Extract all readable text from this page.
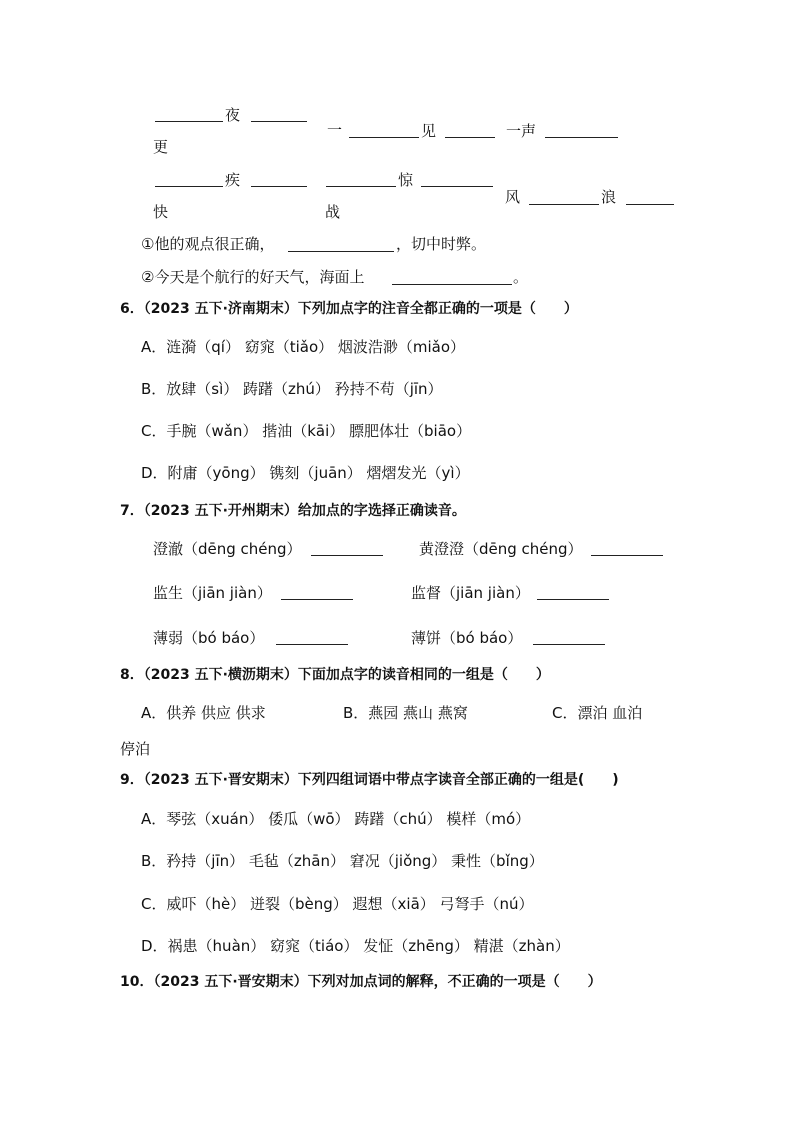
夜
更
一	见	一声
疾
快
惊
战
风	浪
①他的观点很正确，	，切中时弊。
②今天是个航行的好天气，海面上	。
6．（2023 五下·济南期末）下列加点字的注音全都正确的一项是（　　）
A．涟漪（qí） 窈窕（tiǎo） 烟波浩渺（miǎo）
B．放肆（sì） 踌躇（zhú） 矜持不苟（jīn）
C．手腕（wǎn） 揩油（kāi） 膘肥体壮（biāo）
D．附庸（yōng） 镌刻（juān） 熠熠发光（yì）
7．（2023 五下·开州期末）给加点的字选择正确读音。
澄澈（dēng chéng）	黄澄澄（dēng chéng）
监生（jiān jiàn）	监督（jiān jiàn）
薄弱（bó báo）	薄饼（bó báo）
8．（2023 五下·横沥期末）下面加点字的读音相同的一组是（　　）
A．供养 供应 供求	B．燕园 燕山 燕窝	C．漂泊 血泊
停泊
9．（2023 五下·晋安期末）下列四组词语中带点字读音全部正确的一组是(　　)
A．琴弦（xuán） 倭瓜（wō） 踌躇（chú） 模样（mó）
B．矜持（jīn） 毛毡（zhān） 窘况（jiǒng） 秉性（bǐng）
C．威吓（hè） 迸裂（bèng） 遐想（xiā） 弓弩手（nú）
D．祸患（huàn） 窈窕（tiáo） 发怔（zhēng） 精湛（zhàn）
10．（2023 五下·晋安期末）下列对加点词的解释，不正确的一项是（　　）
